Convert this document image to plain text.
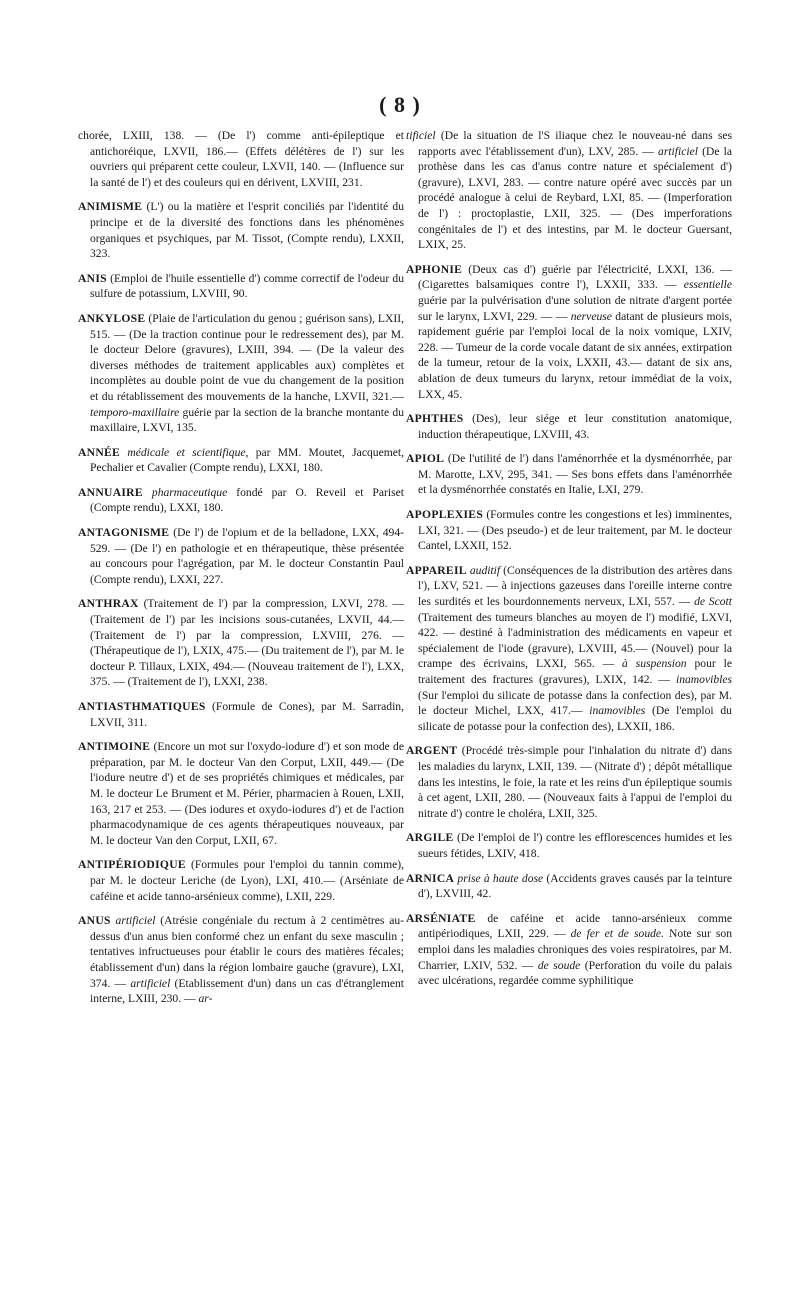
( 8 )

chorée, LXIII, 138. — (De l') comme anti-épileptique et antichoréique, LXVII, 186.— (Effets délétères de l') sur les ouvriers qui préparent cette couleur, LXVII, 140. — (Influence sur la santé de l') et des couleurs qui en dérivent, LXVIII, 231.

ANIMISME (L') ou la matière et l'esprit conciliés par l'identité du principe et de la diversité des fonctions dans les phénomènes organiques et psychiques, par M. Tissot, (Compte rendu), LXXII, 323.

ANIS (Emploi de l'huile essentielle d') comme correctif de l'odeur du sulfure de potassium, LXVIII, 90.

ANKYLOSE (Plaie de l'articulation du genou ; guérison sans), LXII, 515. — (De la traction continue pour le redressement des), par M. le docteur Delore (gravures), LXIII, 394. — (De la valeur des diverses méthodes de traitement applicables aux) complètes et incomplètes au double point de vue du changement de la position et du rétablissement des mouvements de la hanche, LXVII, 321.— temporo-maxillaire guérie par la section de la branche montante du maxillaire, LXVI, 135.

ANNÉE médicale et scientifique, par MM. Moutet, Jacquemet, Pechalier et Cavalier (Compte rendu), LXXI, 180.

ANNUAIRE pharmaceutique fondé par O. Reveil et Pariset (Compte rendu), LXXI, 180.

ANTAGONISME (De l') de l'opium et de la belladone, LXX, 494-529. — (De l') en pathologie et en thérapeutique, thèse présentée au concours pour l'agrégation, par M. le docteur Constantin Paul (Compte rendu), LXXI, 227.

ANTHRAX (Traitement de l') par la compression, LXVI, 278. — (Traitement de l') par les incisions sous-cutanées, LXVII, 44.— (Traitement de l') par la compression, LXVIII, 276. — (Thérapeutique de l'), LXIX, 475.— (Du traitement de l'), par M. le docteur P. Tillaux, LXIX, 494.— (Nouveau traitement de l'), LXX, 375. — (Traitement de l'), LXXI, 238.

ANTIASTHMATIQUES (Formule de Cones), par M. Sarradin, LXVII, 311.

ANTIMOINE (Encore un mot sur l'oxydo-iodure d') et son mode de préparation, par M. le docteur Van den Corput, LXII, 449.— (De l'iodure neutre d') et de ses propriétés chimiques et médicales, par M. le docteur Le Brument et M. Périer, pharmacien à Rouen, LXII, 163, 217 et 253. — (Des iodures et oxydo-iodures d') et de l'action pharmacodynamique de ces agents thérapeutiques nouveaux, par M. le docteur Van den Corput, LXII, 67.

ANTIPÉRIODIQUE (Formules pour l'emploi du tannin comme), par M. le docteur Leriche (de Lyon), LXI, 410.— (Arséniate de caféine et acide tanno-arsénieux comme), LXII, 229.

ANUS artificiel (Atrésie congéniale du rectum à 2 centimètres au-dessus d'un anus bien conformé chez un enfant du sexe masculin ; tentatives infructueuses pour établir le cours des matières fécales; établissement d'un) dans la région lombaire gauche (gravure), LXI, 374. — artificiel (Etablissement d'un) dans un cas d'étranglement interne, LXIII, 230. — ar-

tificiel (De la situation de l'S iliaque chez le nouveau-né dans ses rapports avec l'établissement d'un), LXV, 285. — artificiel (De la prothèse dans les cas d'anus contre nature et spécialement d') (gravure), LXVI, 283. — contre nature opéré avec succès par un procédé analogue à celui de Reybard, LXI, 85. — (Imperforation de l') : proctoplastie, LXII, 325. — (Des imperforations congénitales de l') et des intestins, par M. le docteur Guersant, LXIX, 25.

APHONIE (Deux cas d') guérie par l'électricité, LXXI, 136. — (Cigarettes balsamiques contre l'), LXXII, 333. — essentielle guérie par la pulvérisation d'une solution de nitrate d'argent portée sur le larynx, LXVI, 229. — — nerveuse datant de plusieurs mois, rapidement guérie par l'emploi local de la noix vomique, LXIV, 228. — Tumeur de la corde vocale datant de six années, extirpation de la tumeur, retour de la voix, LXXII, 43.— datant de six ans, ablation de deux tumeurs du larynx, retour immédiat de la voix, LXX, 45.

APHTHES (Des), leur siége et leur constitution anatomique, induction thérapeutique, LXVIII, 43.

APIOL (De l'utilité de l') dans l'aménorrhée et la dysménorrhée, par M. Marotte, LXV, 295, 341. — Ses bons effets dans l'aménorrhée et la dysménorrhée constatés en Italie, LXI, 279.

APOPLEXIES (Formules contre les congestions et les) imminentes, LXI, 321. — (Des pseudo-) et de leur traitement, par M. le docteur Cantel, LXXII, 152.

APPAREIL auditif (Conséquences de la distribution des artères dans l'), LXV, 521. — à injections gazeuses dans l'oreille interne contre les surdités et les bourdonnements nerveux, LXI, 557. — de Scott (Traitement des tumeurs blanches au moyen de l') modifié, LXVI, 422. — destiné à l'administration des médicaments en vapeur et spécialement de l'iode (gravure), LXVIII, 45.— (Nouvel) pour la crampe des écrivains, LXXI, 565. — à suspension pour le traitement des fractures (gravures), LXIX, 142. — inamovibles (Sur l'emploi du silicate de potasse dans la confection des), par M. le docteur Michel, LXX, 417.— inamovibles (De l'emploi du silicate de potasse pour la confection des), LXXII, 186.

ARGENT (Procédé très-simple pour l'inhalation du nitrate d') dans les maladies du larynx, LXII, 139. — (Nitrate d') ; dépôt métallique dans les intestins, le foie, la rate et les reins d'un épileptique soumis à cet agent, LXII, 280. — (Nouveaux faits à l'appui de l'emploi du nitrate d') contre le choléra, LXII, 325.

ARGILE (De l'emploi de l') contre les efflorescences humides et les sueurs fétides, LXIV, 418.

ARNICA prise à haute dose (Accidents graves causés par la teinture d'), LXVIII, 42.

ARSÉNIATE de caféine et acide tanno-arsénieux comme antipériodiques, LXII, 229. — de fer et de soude. Note sur son emploi dans les maladies chroniques des voies respiratoires, par M. Charrier, LXIV, 532. — de soude (Perforation du voile du palais avec ulcérations, regardée comme syphilitique
